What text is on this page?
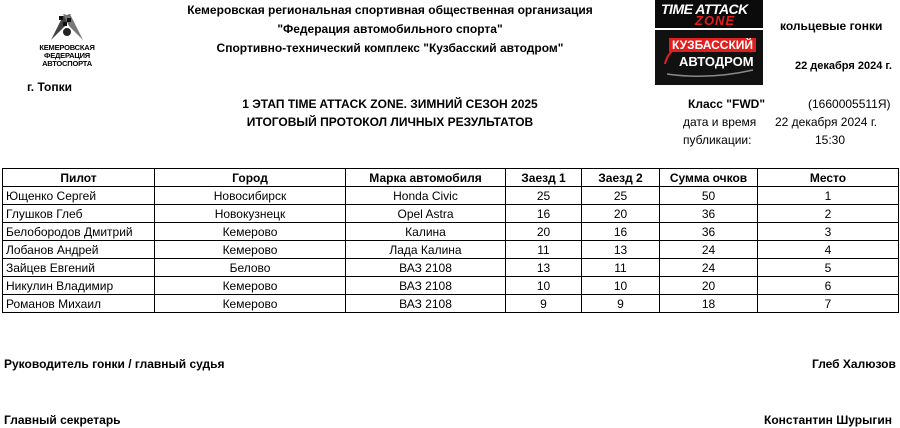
КЕМЕРОВСКАЯ
ФЕДЕРАЦИЯ АВТОСПОРТА
г. Топки
Кемеровская региональная спортивная общественная организация
"Федерация автомобильного спорта"
Спортивно-технический комплекс "Кузбасский автодром"
TIME ATTACK
ZONE
КУЗБАССКИЙ
АВТОДРОМ
кольцевые гонки
22 декабря 2024 г.
1 ЭТАП TIME ATTACK ZONE. ЗИМНИЙ СЕЗОН 2025
ИТОГОВЫЙ ПРОТОКОЛ ЛИЧНЫХ РЕЗУЛЬТАТОВ
Класс "FWD"	(16600055​11Я)
дата и время
публикации:
22 декабря 2024 г.
15:30
Пилот	Город	Марка автомобиля	Заезд 1	Заезд 2	Сумма очков	Место
Ющенко Сергей	Новосибирск	Honda Civic	25	25	50	1
Глушков Глеб	Новокузнецк	Opel Astra	16	20	36	2
Белобородов Дмитрий	Кемерово	Калина	20	16	36	3
Лобанов Андрей	Кемерово	Лада Калина	11	13	24	4
Зайцев Евгений	Белово	ВАЗ 2108	13	11	24	5
Никулин Владимир	Кемерово	ВАЗ 2108	10	10	20	6
Романов Михаил	Кемерово	ВАЗ 2108	9	9	18	7
Руководитель гонки / главный судья	Глеб Халюзов
Главный секретарь	Константин Шурыгин
